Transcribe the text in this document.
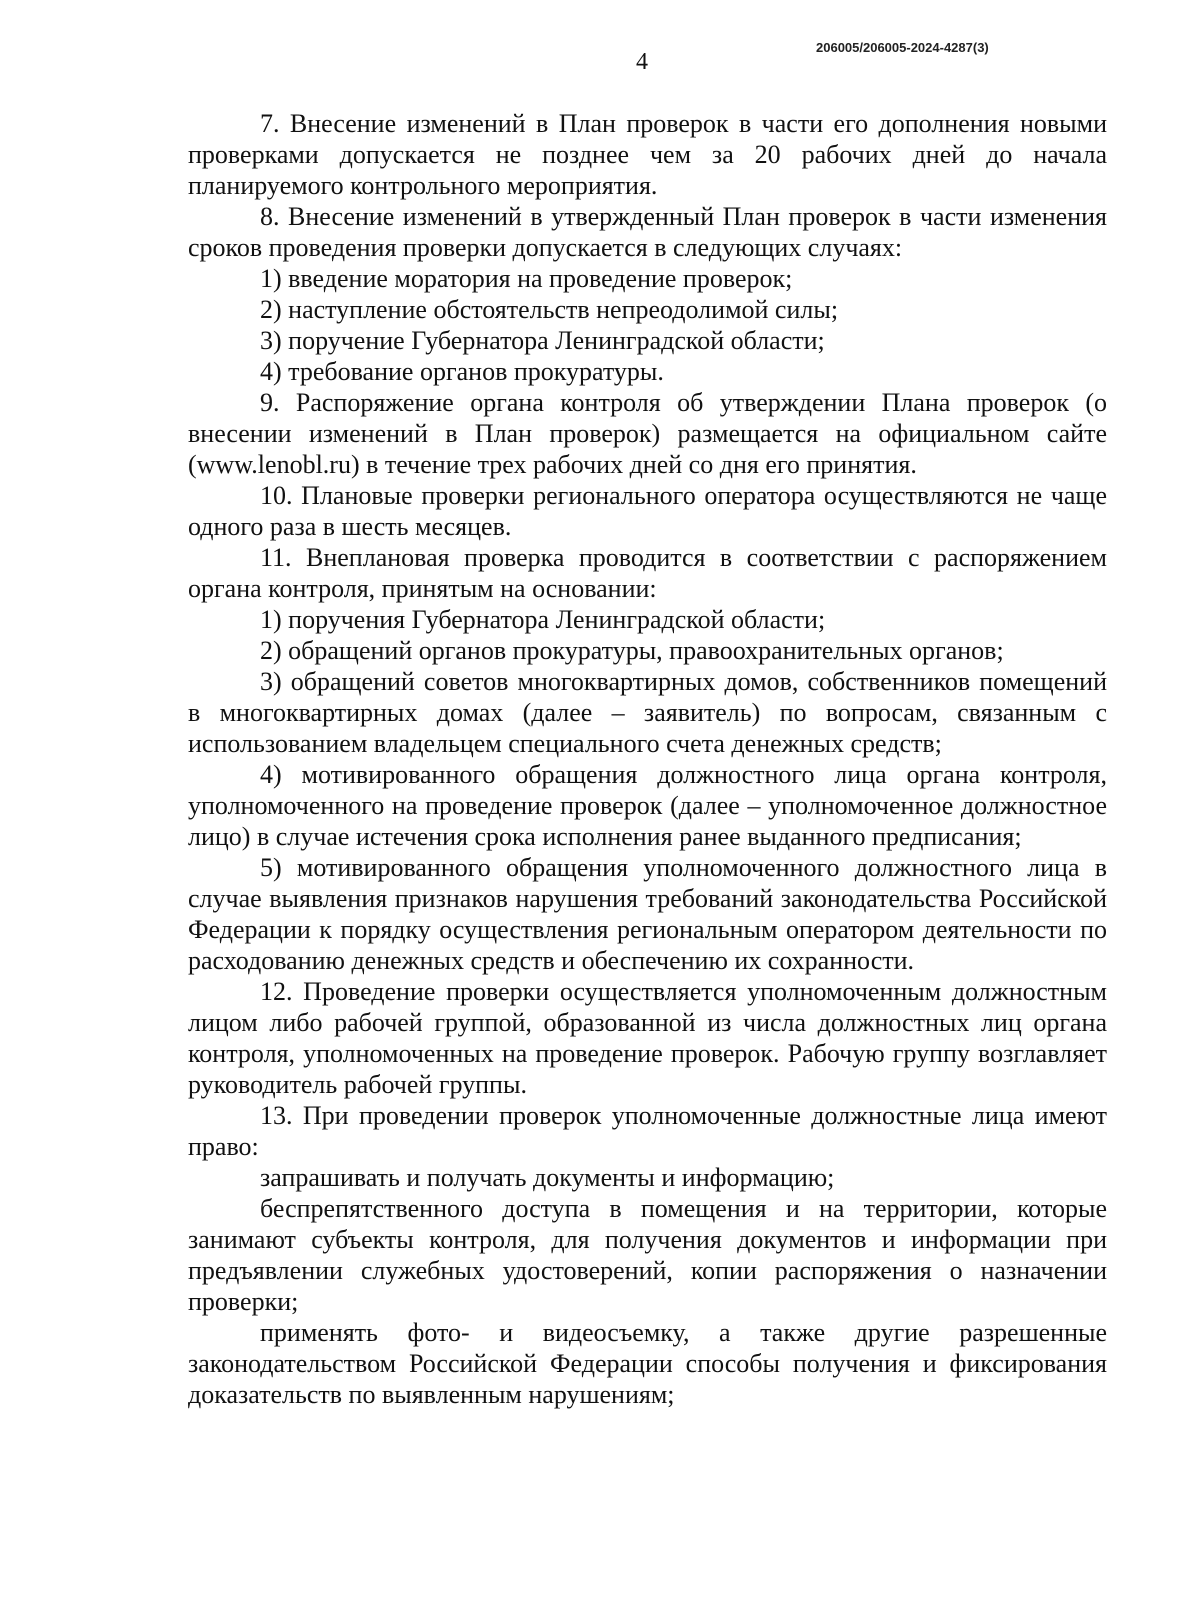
4
206005/206005-2024-4287(3)

7. Внесение изменений в План проверок в части его дополнения новыми проверками допускается не позднее чем за 20 рабочих дней до начала планируемого контрольного мероприятия.

8. Внесение изменений в утвержденный План проверок в части изменения сроков проведения проверки допускается в следующих случаях:

1) введение моратория на проведение проверок;

2) наступление обстоятельств непреодолимой силы;

3) поручение Губернатора Ленинградской области;

4) требование органов прокуратуры.

9. Распоряжение органа контроля об утверждении Плана проверок (о внесении изменений в План проверок) размещается на официальном сайте (www.lenobl.ru) в течение трех рабочих дней со дня его принятия.

10. Плановые проверки регионального оператора осуществляются не чаще одного раза в шесть месяцев.

11. Внеплановая проверка проводится в соответствии с распоряжением органа контроля, принятым на основании:

1) поручения Губернатора Ленинградской области;

2) обращений органов прокуратуры, правоохранительных органов;

3) обращений советов многоквартирных домов, собственников помещений в многоквартирных домах (далее – заявитель) по вопросам, связанным с использованием владельцем специального счета денежных средств;

4) мотивированного обращения должностного лица органа контроля, уполномоченного на проведение проверок (далее – уполномоченное должностное лицо) в случае истечения срока исполнения ранее выданного предписания;

5) мотивированного обращения уполномоченного должностного лица в случае выявления признаков нарушения требований законодательства Российской Федерации к порядку осуществления региональным оператором деятельности по расходованию денежных средств и обеспечению их сохранности.

12. Проведение проверки осуществляется уполномоченным должностным лицом либо рабочей группой, образованной из числа должностных лиц органа контроля, уполномоченных на проведение проверок. Рабочую группу возглавляет руководитель рабочей группы.

13. При проведении проверок уполномоченные должностные лица имеют право:

запрашивать и получать документы и информацию;

беспрепятственного доступа в помещения и на территории, которые занимают субъекты контроля, для получения документов и информации при предъявлении служебных удостоверений, копии распоряжения о назначении проверки;

применять фото- и видеосъемку, а также другие разрешенные законодательством Российской Федерации способы получения и фиксирования доказательств по выявленным нарушениям;
